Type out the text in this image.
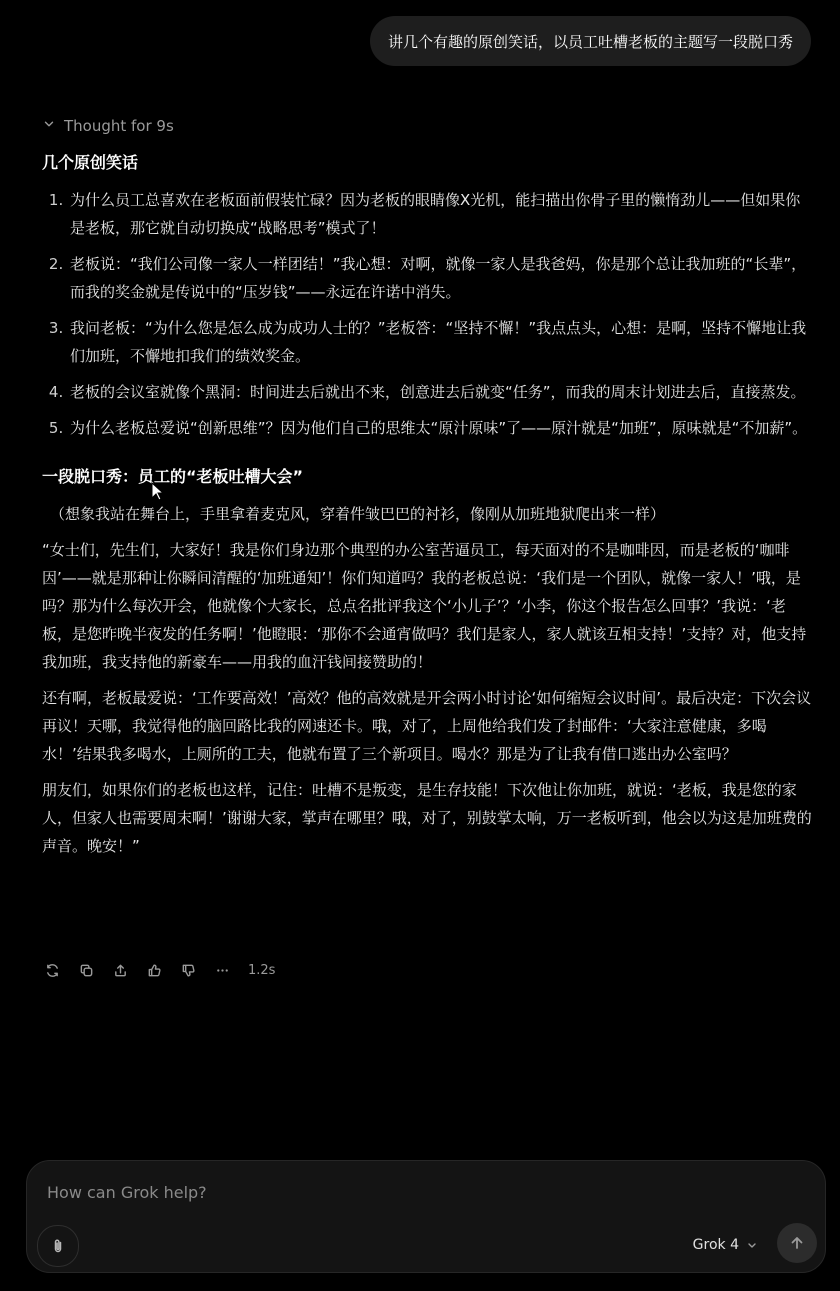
讲几个有趣的原创笑话，以员工吐槽老板的主题写一段脱口秀
Thought for 9s
几个原创笑话
1. 为什么员工总喜欢在老板面前假装忙碌？因为老板的眼睛像X光机，能扫描出你骨子里的懒惰劲儿——但如果你是老板，那它就自动切换成“战略思考”模式了！
2. 老板说：“我们公司像一家人一样团结！”我心想：对啊，就像一家人是我爸妈，你是那个总让我加班的“长辈”，而我的奖金就是传说中的“压岁钱”——永远在许诺中消失。
3. 我问老板：“为什么您是怎么成为成功人士的？”老板答：“坚持不懈！”我点点头，心想：是啊，坚持不懈地让我们加班，不懈地扣我们的绩效奖金。
4. 老板的会议室就像个黑洞：时间进去后就出不来，创意进去后就变“任务”，而我的周末计划进去后，直接蒸发。
5. 为什么老板总爱说“创新思维”？因为他们自己的思维太“原汁原味”了——原汁就是“加班”，原味就是“不加薪”。
一段脱口秀：员工的“老板吐槽大会”
（想象我站在舞台上，手里拿着麦克风，穿着件皱巴巴的衬衫，像刚从加班地狱爬出来一样）

“女士们，先生们，大家好！我是你们身边那个典型的办公室苦逼员工，每天面对的不是咖啡因，而是老板的‘咖啡因’——就是那种让你瞬间清醒的‘加班通知’！你们知道吗？我的老板总说：‘我们是一个团队，就像一家人！’哦，是吗？那为什么每次开会，他就像个大家长，总点名批评我这个‘小儿子’？‘小李，你这个报告怎么回事？’我说：‘老板，是您昨晚半夜发的任务啊！’他瞪眼：‘那你不会通宵做吗？我们是家人，家人就该互相支持！’支持？对，他支持我加班，我支持他的新豪车——用我的血汗钱间接赞助的！

还有啊，老板最爱说：‘工作要高效！’高效？他的高效就是开会两小时讨论‘如何缩短会议时间’。最后决定：下次会议再议！天哪，我觉得他的脑回路比我的网速还卡。哦，对了，上周他给我们发了封邮件：‘大家注意健康，多喝水！’结果我多喝水，上厕所的工夫，他就布置了三个新项目。喝水？那是为了让我有借口逃出办公室吗？

朋友们，如果你们的老板也这样，记住：吐槽不是叛变，是生存技能！下次他让你加班，就说：‘老板，我是您的家人，但家人也需要周末啊！’谢谢大家，掌声在哪里？哦，对了，别鼓掌太响，万一老板听到，他会以为这是加班费的声音。晚安！”

1.2s
How can Grok help?
Grok 4
